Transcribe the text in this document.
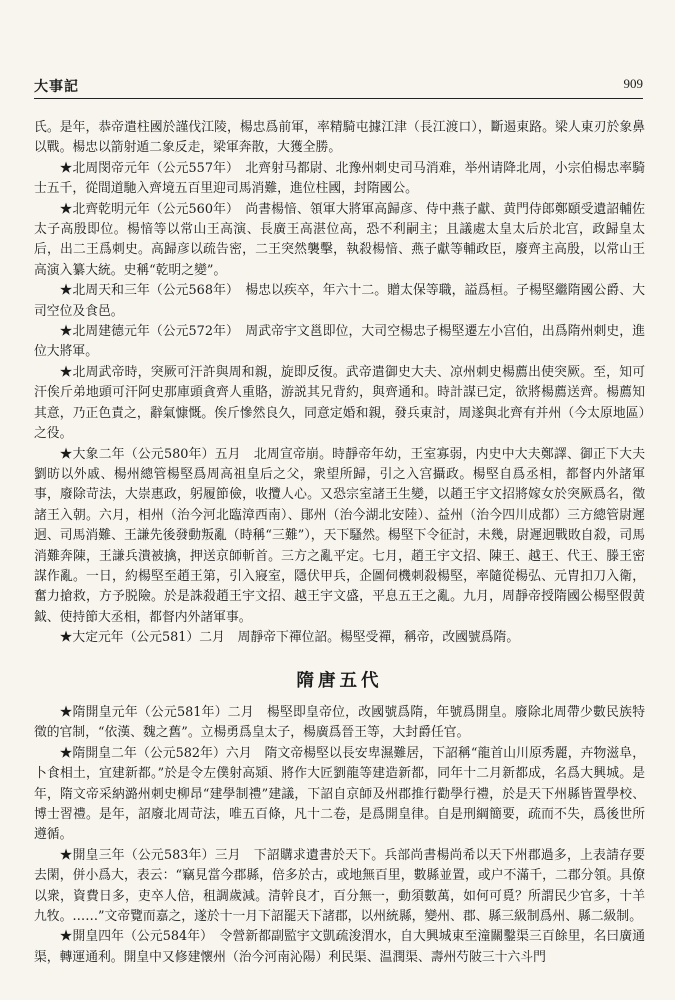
大事記	909

氏。是年，恭帝遣柱國於謹伐江陵，楊忠爲前軍，率精騎屯據江津（長江渡口），斷遏東路。梁人東刃於象鼻以戰。楊忠以箭射遁二象反走，梁軍奔散，大獲全勝。

★北周閔帝元年（公元557年）　北齊射马都尉、北豫州刺史司马消难，举州请降北周，小宗伯楊忠率騎士五千，從間道馳入齊境五百里迎司馬消難，進位柱國，封隋國公。

★北齊乾明元年（公元560年）　尚書楊愔、領軍大將軍高歸彦、侍中燕子獻、黄門侍郎鄭頤受遺詔輔佐太子高殷即位。楊愔等以常山王高演、長廣王高湛位高，恐不利嗣主；且議處太皇太后於北宫，政歸皇太后，出二王爲刺史。高歸彦以疏告密，二王突然襲擊，執殺楊愔、燕子獻等輔政臣，廢齊主高殷，以常山王高演入纂大統。史稱“乾明之變”。

★北周天和三年（公元568年）　楊忠以疾卒，年六十二。贈太保等職，謚爲桓。子楊堅繼隋國公爵、大司空位及食邑。

★北周建德元年（公元572年）　周武帝宇文邕即位，大司空楊忠子楊堅遷左小宫伯，出爲隋州刺史，進位大將軍。

★北周武帝時，突厥可汗許與周和親，旋即反復。武帝遣御史大夫、凉州刺史楊薦出使突厥。至，知可汗俟斤弟地頭可汗阿史那庫頭貪齊人重賂，游説其兄背約，與齊通和。時計謀已定，欲將楊薦送齊。楊薦知其意，乃正色責之，辭氣慷慨。俟斤慘然良久，同意定婚和親，發兵東討，周遂與北齊有并州（今太原地區）之役。

★大象二年（公元580年）五月　北周宣帝崩。時靜帝年幼，王室寡弱，内史中大夫鄭譯、御正下大夫劉昉以外戚、楊州總管楊堅爲周高祖皇后之父，衆望所歸，引之入宫攝政。楊堅自爲丞相，都督内外諸軍事，廢除苛法，大崇惠政，躬履節儉，收攬人心。又恐宗室諸王生變，以趙王宇文招將嫁女於突厥爲名，徵諸王入朝。六月，相州（治今河北臨漳西南）、鄖州（治今湖北安陸）、益州（治今四川成都）三方總管尉遲迥、司馬消難、王謙先後發動叛亂（時稱“三難”），天下騷然。楊堅下令征討，未幾，尉遲迥戰敗自殺，司馬消難奔陳，王謙兵潰被擒，押送京師斬首。三方之亂平定。七月，趙王宇文招、陳王、越王、代王、滕王密謀作亂。一日，約楊堅至趙王第，引入寢室，隱伏甲兵，企圖伺機刺殺楊堅，率隨從楊弘、元胄扣刀入衛，奮力搶救，方予脱險。於是誅殺趙王宇文招、越王宇文盛，平息五王之亂。九月，周靜帝授隋國公楊堅假黄鉞、使持節大丞相，都督内外諸軍事。

★大定元年（公元581）二月　周靜帝下禪位詔。楊堅受禪，稱帝，改國號爲隋。

隋唐五代

★隋開皇元年（公元581年）二月　楊堅即皇帝位，改國號爲隋，年號爲開皇。廢除北周帶少數民族特徵的官制，“依漢、魏之舊”。立楊勇爲皇太子，楊廣爲晉王等，大封爵任官。

★隋開皇二年（公元582年）六月　隋文帝楊堅以長安卑濕難居，下詔稱“龍首山川原秀麗，卉物滋阜，卜食相土，宜建新都。”於是令左僕射高熲、將作大匠劉龍等建造新都，同年十二月新都成，名爲大興城。是年，隋文帝采納潞州刺史柳昂“建學制禮”建議，下詔自京師及州郡推行勸學行禮，於是天下州縣皆置學校、博士習禮。是年，詔廢北周苛法，唯五百條，凡十二卷，是爲開皇律。自是刑綱簡要，疏而不失，爲後世所遵循。

★開皇三年（公元583年）三月　下詔購求遺書於天下。兵部尚書楊尚希以天下州郡過多，上表請存要去閑，併小爲大，表云：“竊見當今郡縣，倍多於古，或地無百里，數縣並置，或户不滿千，二郡分領。具僚以衆，資費日多，吏卒人倍，租調歲減。清幹良才，百分無一，動須數萬，如何可覓？所謂民少官多，十羊九牧。……”文帝覽而嘉之，遂於十一月下詔罷天下諸郡，以州統縣，變州、郡、縣三級制爲州、縣二級制。

★開皇四年（公元584年）　令營新都副監宇文凱疏浚渭水，自大興城東至潼關鑿渠三百餘里，名曰廣通渠，轉運通利。開皇中又修建懷州（治今河南沁陽）利民渠、温潤渠、壽州芍陂三十六斗門
